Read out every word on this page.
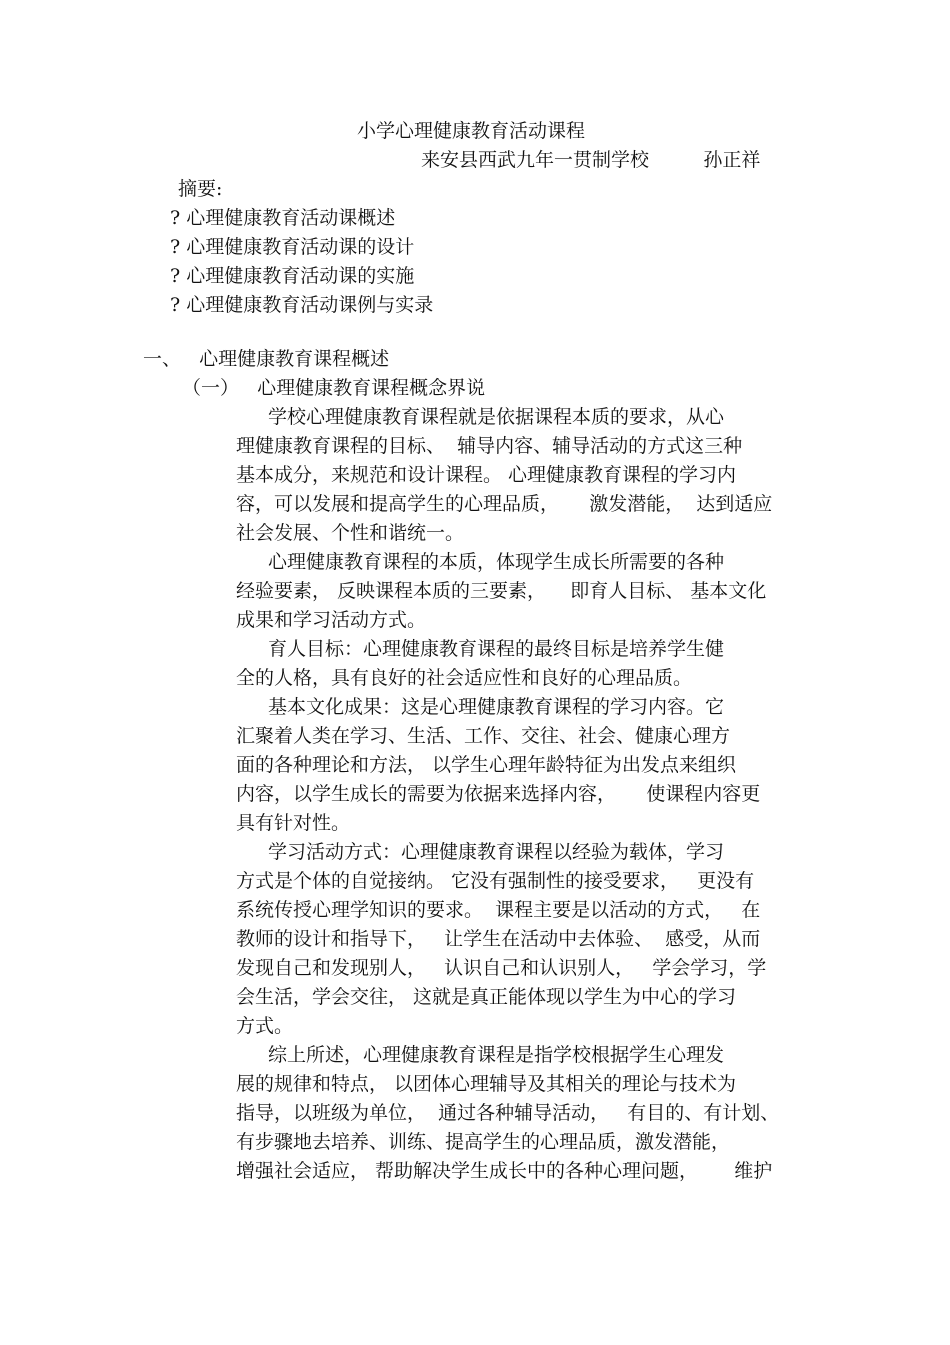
小学心理健康教育活动课程
来安县西武九年一贯制学校         孙正祥
摘要:
? 心理健康教育活动课概述
? 心理健康教育活动课的设计
? 心理健康教育活动课的实施
? 心理健康教育活动课例与实录
一、   心理健康教育课程概述
（一）   心理健康教育课程概念界说
学校心理健康教育课程就是依据课程本质的要求，从心
理健康教育课程的目标、  辅导内容、辅导活动的方式这三种
基本成分，来规范和设计课程。 心理健康教育课程的学习内
容，可以发展和提高学生的心理品质，     激发潜能，  达到适应
社会发展、个性和谐统一。
心理健康教育课程的本质，体现学生成长所需要的各种
经验要素， 反映课程本质的三要素，    即育人目标、 基本文化
成果和学习活动方式。
育人目标：心理健康教育课程的最终目标是培养学生健
全的人格，具有良好的社会适应性和良好的心理品质。
基本文化成果：这是心理健康教育课程的学习内容。它
汇聚着人类在学习、生活、工作、交往、社会、健康心理方
面的各种理论和方法， 以学生心理年龄特征为出发点来组织
内容，以学生成长的需要为依据来选择内容，     使课程内容更
具有针对性。
学习活动方式：心理健康教育课程以经验为载体，学习
方式是个体的自觉接纳。 它没有强制性的接受要求，   更没有
系统传授心理学知识的要求。  课程主要是以活动的方式，   在
教师的设计和指导下，   让学生在活动中去体验、  感受，从而
发现自己和发现别人，   认识自己和认识别人，   学会学习，学
会生活，学会交往， 这就是真正能体现以学生为中心的学习
方式。
综上所述，心理健康教育课程是指学校根据学生心理发
展的规律和特点， 以团体心理辅导及其相关的理论与技术为
指导，以班级为单位，  通过各种辅导活动，   有目的、有计划、
有步骤地去培养、训练、提高学生的心理品质，激发潜能，
增强社会适应， 帮助解决学生成长中的各种心理问题，      维护
